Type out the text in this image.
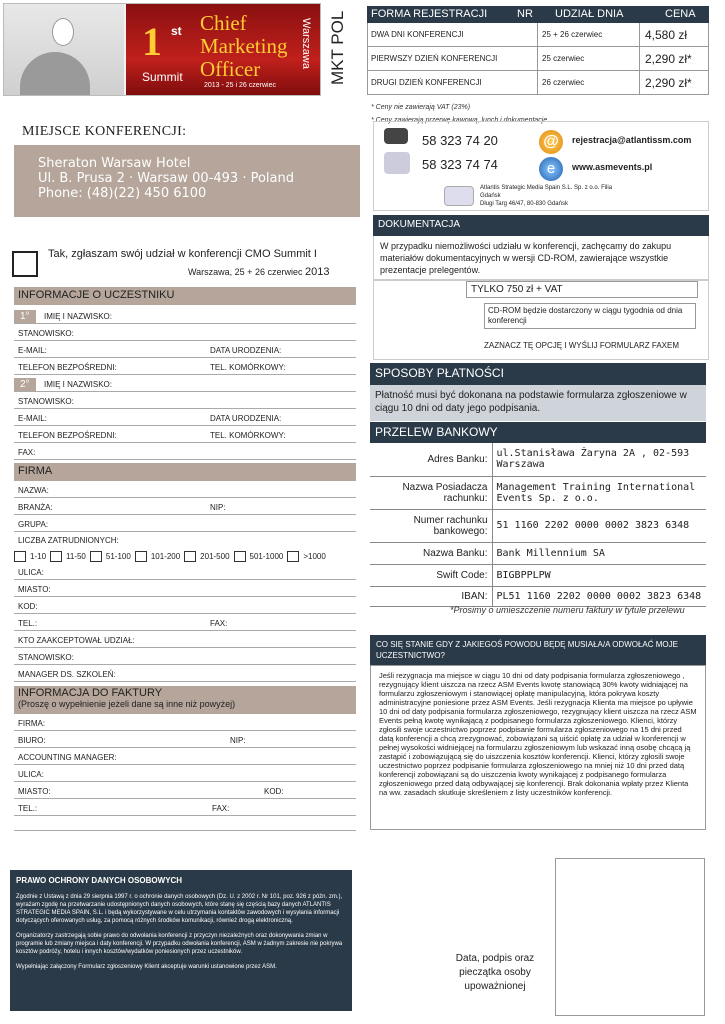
1 st
Summit
Chief
Marketing
Officer
2013 - 25 i 26 czerwiec
Warszawa MKT POL	FORMA REJESTRACJI	NR UDZIAŁ DNIA	CENA
DWA DNI KONFERENCJI	25 + 26 czerwiec	4,580 zł
PIERWSZY DZIEŃ KONFERENCJI	25 czerwiec	2,290 zł*
DRUGI DZIEŃ KONFERENCJI	26 czerwiec	2,290 zł*
* Ceny nie zawierają VAT (23%)
* Ceny zawierają przerwę kawową, lunch i dokumentacje
MIEJSCE KONFERENCJI:
Sheraton Warsaw Hotel
Ul. B. Prusa 2 · Warsaw 00-493 · Poland
Phone: (48)(22) 450 6100
58 323 74 20
58 323 74 74
@
e
rejestracja@atlantissm.com
www.asmevents.pl
Atlantis Strategic Media Spain S.L. Sp. z o.o. Filia
Gdańsk
Długi Targ 46/47, 80-830 Gdańsk
DOKUMENTACJA
W przypadku niemożliwości udziału w konferencji, zachęcamy do zakupu materiałów dokumentacyjnych w wersji CD-ROM, zawierające wszystkie prezentacje prelegentów.
TYLKO 750 zł + VAT
CD-ROM będzie dostarczony w ciągu tygodnia od dnia konferencji
ZAZNACZ TĘ OPCJĘ I WYŚLIJ FORMULARZ FAXEM
Tak, zgłaszam swój udział w konferencji CMO Summit I
Warszawa, 25 + 26 czerwiec 2013
INFORMACJE O UCZESTNIKU
1°	IMIĘ I NAZWISKO:
STANOWISKO:
E-MAIL:	DATA URODZENIA:
TELEFON BEZPOŚREDNI:	TEL. KOMÓRKOWY:
2°	IMIĘ I NAZWISKO:
STANOWISKO:
E-MAIL:	DATA URODZENIA:
TELEFON BEZPOŚREDNI:	TEL. KOMÓRKOWY:
FAX:
FIRMA
NAZWA:
BRANŻA:	NIP:
GRUPA:
LICZBA ZATRUDNIONYCH:
1-10	11-50	51-100	101-200	201-500	501-1000	>1000
ULICA:
MIASTO:
KOD:
TEL.:	FAX:
KTO ZAAKCEPTOWAŁ UDZIAŁ:
STANOWISKO:
MANAGER DS. SZKOLEŃ:
INFORMACJA DO FAKTURY
(Proszę o wypełnienie jeżeli dane są inne niż powyżej)
FIRMA:
BIURO:	NIP:
ACCOUNTING MANAGER:
ULICA:
MIASTO:	KOD:
TEL.:	FAX:
SPOSOBY PŁATNOŚCI
Płatność musi być dokonana na podstawie formularza zgłoszeniowe w ciągu 10 dni od daty jego podpisania.
PRZELEW BANKOWY
Adres Banku:	ul.Stanisława Żaryna 2A , 02-593 Warszawa
Nazwa Posiadacza rachunku:	Management Training International Events Sp. z o.o.
Numer rachunku bankowego:	51 1160 2202 0000 0002 3823 6348
Nazwa Banku:	Bank Millennium SA
Swift Code:	BIGBPPLPW
IBAN:	PL51 1160 2202 0000 0002 3823 6348
*Prosimy o umieszczenie numeru faktury w tytule przelewu
CO SIĘ STANIE GDY Z JAKIEGOŚ POWODU BĘDĘ MUSIAŁA/A ODWOŁAĆ MOJE UCZESTNICTWO?
Jeśli rezygnacja ma miejsce w ciągu 10 dni od daty podpisania formularza zgłoszeniowego , rezygnujący klient uiszcza na rzecz ASM Events kwotę stanowiącą 30% kwoty widniającej na formularzu zgłoszeniowym i stanowiącej opłatę manipulacyjną, która pokrywa koszty administracyjne poniesione przez ASM Events. Jeśli rezygnacja Klienta ma miejsce po upływie 10 dni od daty podpisania formularza zgłoszeniowego, rezygnujący klient uiszcza na rzecz ASM Events pełną kwotę wynikającą z podpisanego formularza zgłoszeniowego. Klienci, którzy zgłosili swoje uczestnictwo poprzez podpisanie formularza zgłoszeniowego na 15 dni przed datą konferencji a chcą zrezygnować, zobowiązani są uiścić opłatę za udział w konferencji w pełnej wysokości widniejącej na formularzu zgłoszeniowym lub wskazać inną osobę chcącą ją zastąpić i zobowiązującą się do uiszczenia kosztów konferencji. Klienci, którzy zgłosili swoje uczestnictwo poprzez podpisanie formularza zgłoszeniowego na mniej niż 10 dni przed datą konferencji zobowiązani są do uiszczenia kwoty wynikającej z podpisanego formularza zgłoszeniowego przed datą odbywającej się konferencji. Brak dokonania wpłaty przez Klienta na ww. zasadach skutkuje skreśleniem z listy uczestników konferencji.
PRAWO OCHRONY DANYCH OSOBOWYCH

Zgodnie z Ustawą z dnia 29 sierpnia 1997 r. o ochronie danych osobowych (Dz. U. z 2002 r. Nr 101, poz. 926 z późn. zm.), wyrażam zgodę na przetwarzanie udostępnionych danych osobowych, które stanę się częścią bazy danych ATLANTIS STRATEGIC MEDIA SPAIN, S.L. i będą wykorzystywane w celu utrzymania kontaktów zawodowych i wysyłania informacji dotyczących oferowanych usług, za pomocą różnych środków komunikacji, również drogą elektroniczną.

Organizatorzy zastrzegają sobie prawo do odwołania konferencji z przyczyn niezależnych oraz dokonywania zmian w programie lub zmiany miejsca i daty konferencji. W przypadku odwołania konferencji, ASM w żadnym zakresie nie pokrywa kosztów podróży, hotelu i innych kosztów/wydatków poniesionych przez uczestników.

Wypełniając załączony Formularz zgłoszeniowy Klient akceptuje warunki ustanowione przez ASM.

Data, podpis oraz pieczątka osoby upoważnionej
